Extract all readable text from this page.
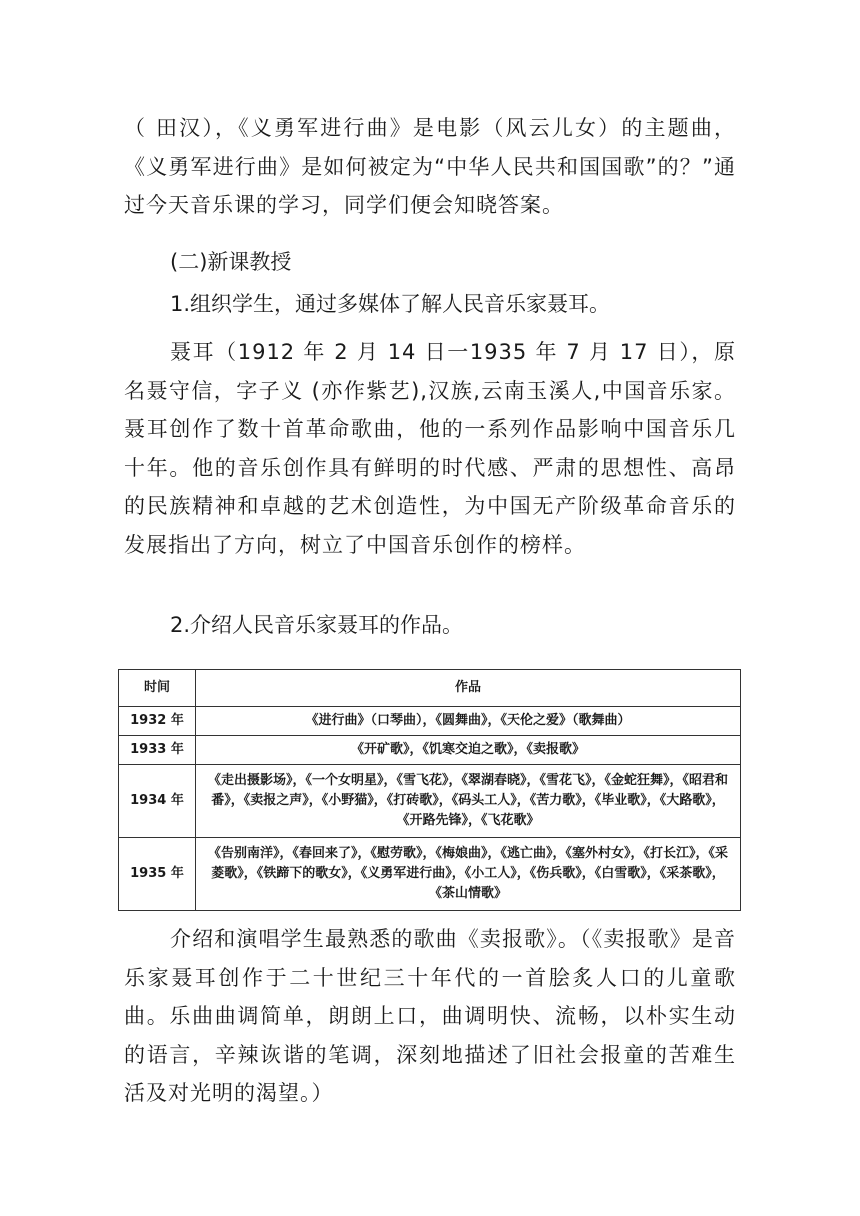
（ 田汉），《义勇军进行曲》是电影（风云儿女）的主题曲，《义勇军进行曲》是如何被定为“中华人民共和国国歌”的？”通过今天音乐课的学习，同学们便会知晓答案。

(二)新课教授

1.组织学生，通过多媒体了解人民音乐家聂耳。

聂耳（1912 年 2 月 14 日一1935 年 7 月 17 日），原名聂守信，字子义 (亦作紫艺),汉族,云南玉溪人,中国音乐家。 聂耳创作了数十首革命歌曲，他的一系列作品影响中国音乐几十年。他的音乐创作具有鲜明的时代感、严肃的思想性、高昂的民族精神和卓越的艺术创造性，为中国无产阶级革命音乐的发展指出了方向，树立了中国音乐创作的榜样。

2.介绍人民音乐家聂耳的作品。

时间	作品
1932 年	《进行曲》（口琴曲），《圆舞曲》，《天伦之爱》（歌舞曲）
1933 年	《开矿歌》，《饥寒交迫之歌》，《卖报歌》
1934 年	《走出摄影场》，《一个女明星》，《雪飞花》，《翠湖春晓》，《雪花飞》，《金蛇狂舞》，《昭君和番》，《卖报之声》，《小野猫》，《打砖歌》，《码头工人》，《苦力歌》，《毕业歌》，《大路歌》，《开路先锋》，《飞花歌》
1935 年	《告别南洋》，《春回来了》，《慰劳歌》，《梅娘曲》，《逃亡曲》，《塞外村女》，《打长江》，《采菱歌》，《铁蹄下的歌女》，《义勇军进行曲》，《小工人》，《伤兵歌》，《白雪歌》，《采茶歌》，《茶山情歌》

介绍和演唱学生最熟悉的歌曲《卖报歌》。（《卖报歌》是音乐家聂耳创作于二十世纪三十年代的一首脍炙人口的儿童歌曲。乐曲曲调简单，朗朗上口，曲调明快、流畅，以朴实生动的语言，辛辣诙谐的笔调，深刻地描述了旧社会报童的苦难生活及对光明的渴望。）
